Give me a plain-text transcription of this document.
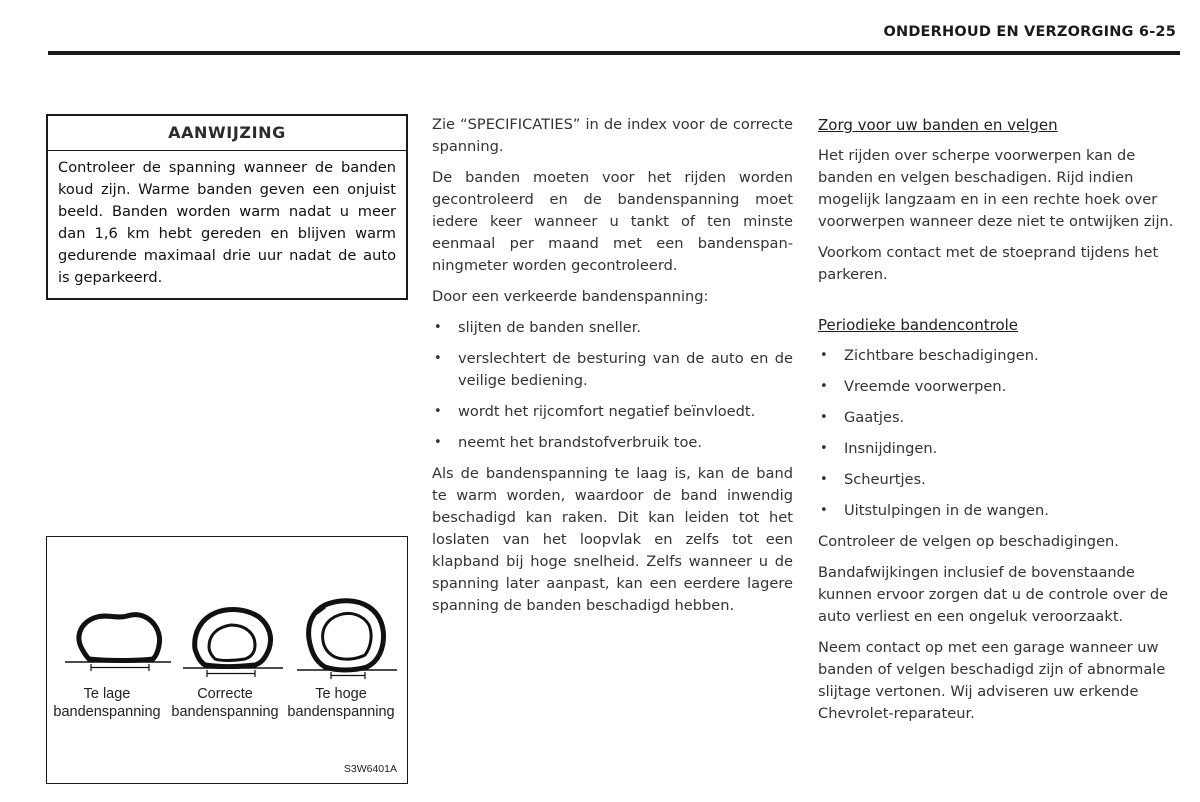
ONDERHOUD EN VERZORGING 6-25
AANWIJZING
Controleer de spanning wanneer de banden koud zijn. Warme banden geven een onjuist beeld. Banden worden warm nadat u meer dan 1,6 km hebt gereden en blijven warm gedurende maximaal drie uur nadat de auto is geparkeerd.
Te lage
bandenspanning
Correcte
bandenspanning
Te hoge
bandenspanning
S3W6401A

Zie “SPECIFICATIES” in de index voor de correcte spanning.

De banden moeten voor het rijden worden gecontroleerd en de bandenspanning moet iedere keer wanneer u tankt of ten minste eenmaal per maand met een bandenspan-ningmeter worden gecontroleerd.

Door een verkeerde bandenspanning:

• slijten de banden sneller.
• verslechtert de besturing van de auto en de veilige bediening.
• wordt het rijcomfort negatief beïnvloedt.
• neemt het brandstofverbruik toe.

Als de bandenspanning te laag is, kan de band te warm worden, waardoor de band inwendig beschadigd kan raken. Dit kan leiden tot het loslaten van het loopvlak en zelfs tot een klapband bij hoge snelheid. Zelfs wanneer u de spanning later aanpast, kan een eerdere lagere spanning de banden beschadigd hebben.

Zorg voor uw banden en velgen

Het rijden over scherpe voorwerpen kan de banden en velgen beschadigen. Rijd indien mogelijk langzaam en in een rechte hoek over voorwerpen wanneer deze niet te ontwijken zijn.

Voorkom contact met de stoeprand tijdens het parkeren.

Periodieke bandencontrole
• Zichtbare beschadigingen.
• Vreemde voorwerpen.
• Gaatjes.
• Insnijdingen.
• Scheurtjes.
• Uitstulpingen in de wangen.

Controleer de velgen op beschadigingen.

Bandafwijkingen inclusief de bovenstaande kunnen ervoor zorgen dat u de controle over de auto verliest en een ongeluk veroorzaakt.

Neem contact op met een garage wanneer uw banden of velgen beschadigd zijn of abnormale slijtage vertonen. Wij adviseren uw erkende Chevrolet-reparateur.
